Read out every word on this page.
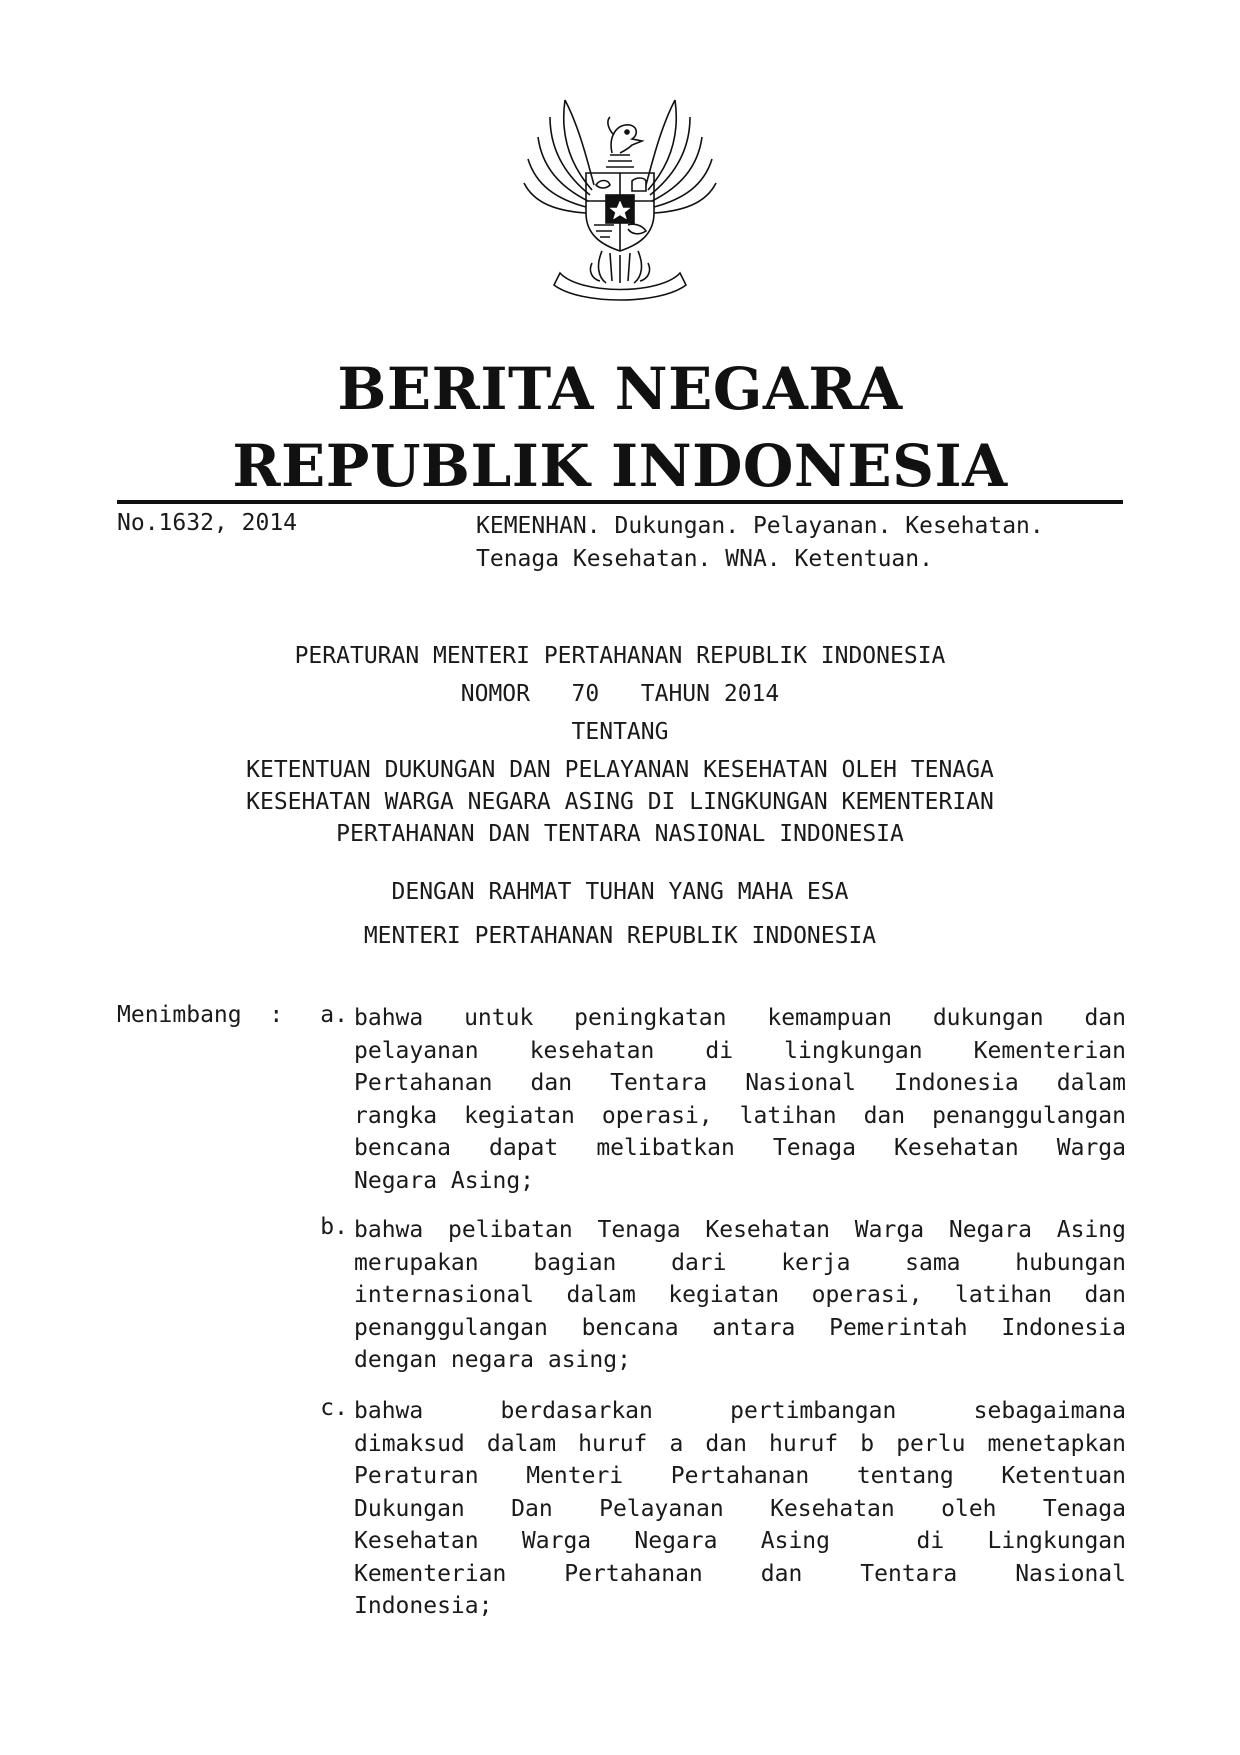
BERITA NEGARA
REPUBLIK INDONESIA
No.1632, 2014	KEMENHAN. Dukungan. Pelayanan. Kesehatan.
Tenaga Kesehatan. WNA. Ketentuan.
PERATURAN MENTERI PERTAHANAN REPUBLIK INDONESIA
NOMOR   70   TAHUN 2014
TENTANG
KETENTUAN DUKUNGAN DAN PELAYANAN KESEHATAN OLEH TENAGA
KESEHATAN WARGA NEGARA ASING DI LINGKUNGAN KEMENTERIAN
PERTAHANAN DAN TENTARA NASIONAL INDONESIA
DENGAN RAHMAT TUHAN YANG MAHA ESA
MENTERI PERTAHANAN REPUBLIK INDONESIA
Menimbang  :	a. bahwa untuk peningkatan kemampuan dukungan dan
pelayanan kesehatan di lingkungan Kementerian
Pertahanan dan Tentara Nasional Indonesia dalam
rangka kegiatan operasi, latihan dan penanggulangan
bencana dapat melibatkan Tenaga Kesehatan Warga
Negara Asing;
b. bahwa pelibatan Tenaga Kesehatan Warga Negara Asing
merupakan bagian dari kerja sama hubungan
internasional dalam kegiatan operasi, latihan dan
penanggulangan bencana antara Pemerintah Indonesia
dengan negara asing;
c. bahwa berdasarkan pertimbangan sebagaimana
dimaksud dalam huruf a dan huruf b perlu menetapkan
Peraturan Menteri Pertahanan tentang Ketentuan
Dukungan Dan Pelayanan Kesehatan oleh Tenaga
Kesehatan Warga Negara Asing  di Lingkungan
Kementerian Pertahanan dan Tentara Nasional
Indonesia;
